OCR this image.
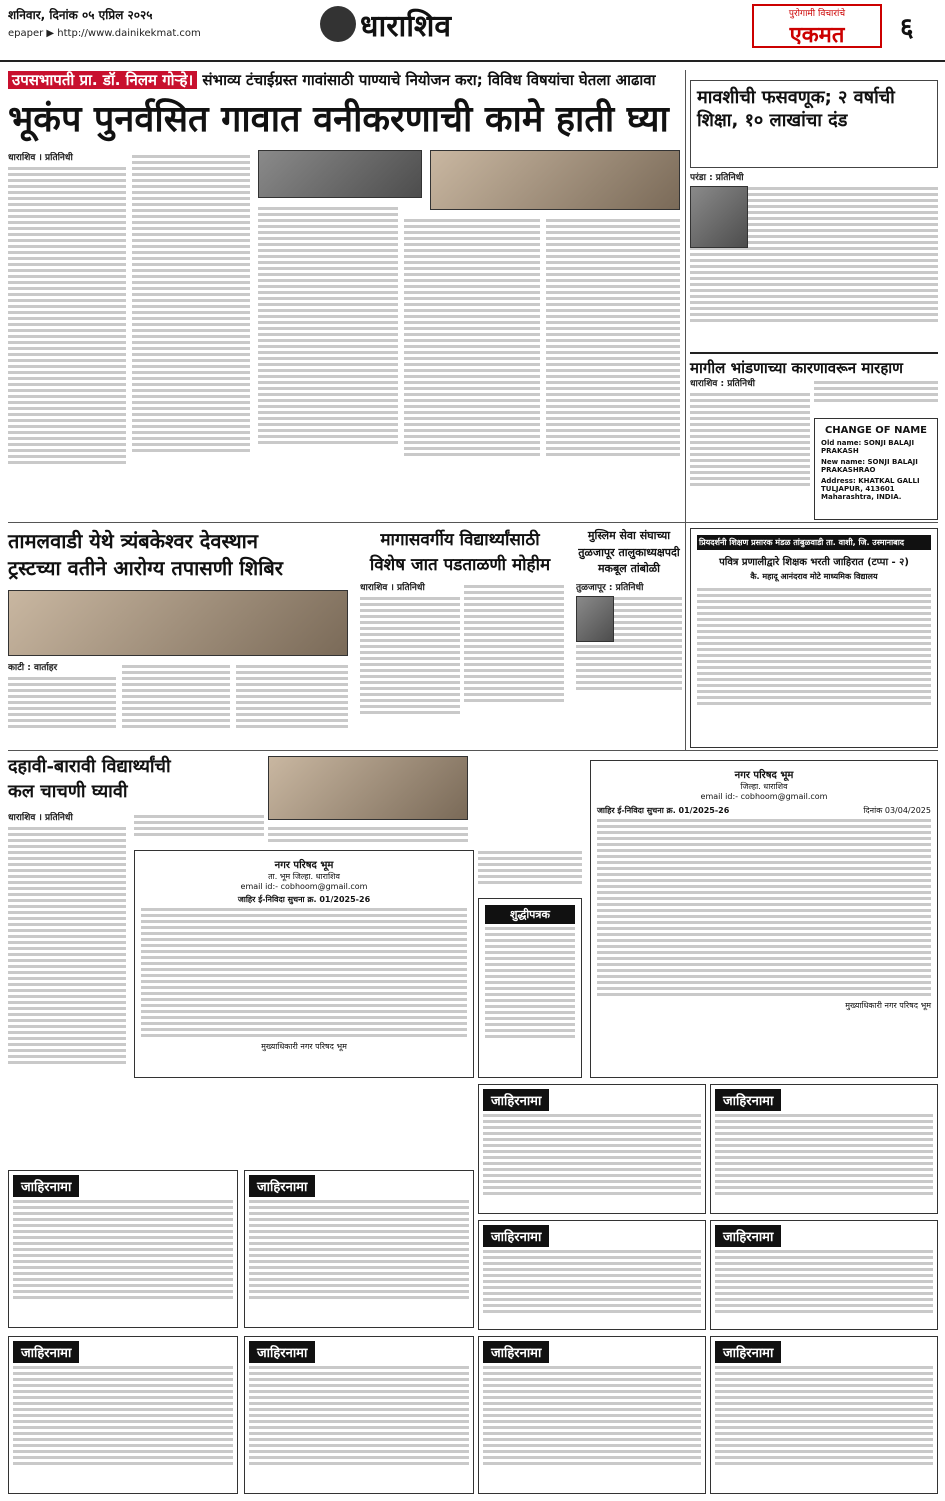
शनिवार, दिनांक ०५ एप्रिल २०२५
epaper ▶ http://www.dainikekmat.com	धाराशिव	पुरोगामी विचारांचे
एकमत	६
उपसभापती प्रा. डॉ. निलम गोऱ्हे। संभाव्य टंचाईग्रस्त गावांसाठी पाण्याचे नियोजन करा; विविध विषयांचा घेतला आढावा
भूकंप पुनर्वसित गावात वनीकरणाची कामे हाती घ्या
धाराशिव । प्रतिनिधी
मावशीची फसवणूक; २ वर्षाची शिक्षा, १० लाखांचा दंड
परंडा : प्रतिनिधी
मागील भांडणाच्या कारणावरून मारहाण
धाराशिव : प्रतिनिधी
CHANGE OF NAME
Old name: SONJI BALAJI PRAKASH
New name: SONJI BALAJI PRAKASHRAO
Address: KHATKAL GALLI TULJAPUR, 413601 Maharashtra, INDIA.
तामलवाडी येथे त्र्यंबकेश्वर देवस्थान
ट्रस्टच्या वतीने आरोग्य तपासणी शिबिर
काटी : वार्ताहर
मागासवर्गीय विद्यार्थ्यांसाठी
विशेष जात पडताळणी मोहीम
धाराशिव । प्रतिनिधी
मुस्लिम सेवा संघाच्या
तुळजापूर तालुकाध्यक्षपदी
मकबूल तांबोळी
तुळजापूर : प्रतिनिधी
प्रियदर्शनी शिक्षण प्रसारक मंडळ तांबुळवाडी ता. वाशी, जि. उस्मानाबाद
पवित्र प्रणालीद्वारे शिक्षक भरती जाहिरात (टप्पा - २)
कै. महादू आनंदराव मोटे माध्यमिक विद्यालय
दहावी-बारावी विद्यार्थ्यांची
कल चाचणी घ्यावी
धाराशिव । प्रतिनिधी
नगर परिषद भूम
ता. भूम जिल्हा. धाराशिव
email id:- cobhoom@gmail.com
जाहिर ई-निविदा सुचना क्र. 01/2025-26
मुख्याधिकारी नगर परिषद भूम
शुद्धीपत्रक
नगर परिषद भूम
जिल्हा. धाराशिव
email id:- cobhoom@gmail.com
जाहिर ई-निविदा सुचना क्र. 01/2025-26	दिनांक 03/04/2025
मुख्याधिकारी नगर परिषद भूम
जाहिरनामा	जाहिरनामा
जाहिरनामा	जाहिरनामा
जाहिरनामा	जाहिरनामा
जाहिरनामा	जाहिरनामा	जाहिरनामा	जाहिरनामा
